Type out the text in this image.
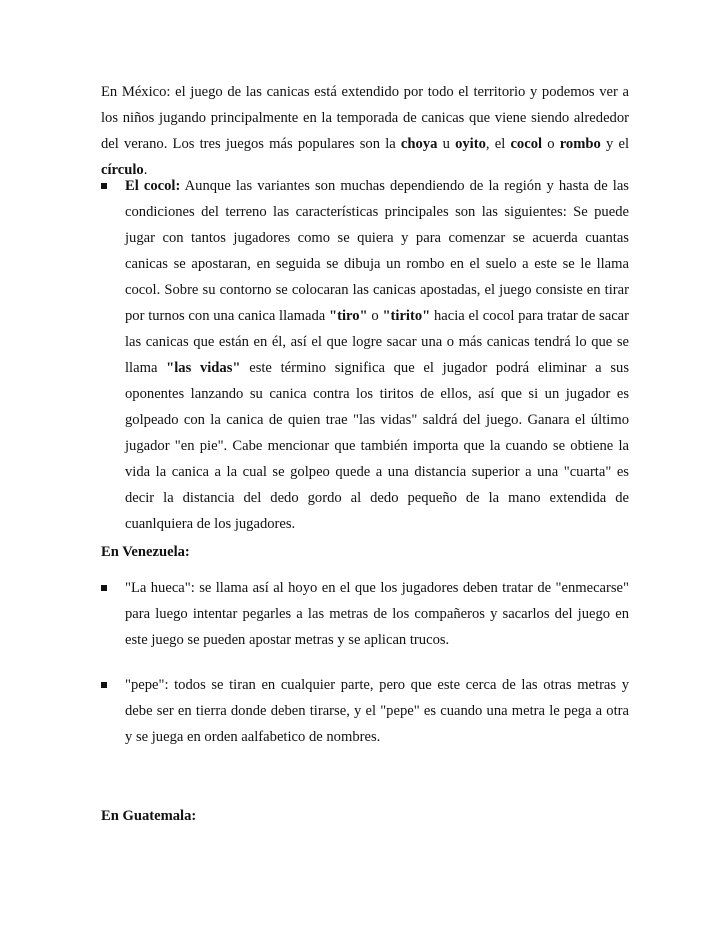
En México: el juego de las canicas está extendido por todo el territorio y podemos ver a los niños jugando principalmente en la temporada de canicas que viene siendo alrededor del verano. Los tres juegos más populares son la choya u oyito, el cocol o rombo y el círculo.

El cocol: Aunque las variantes son muchas dependiendo de la región y hasta de las condiciones del terreno las características principales son las siguientes: Se puede jugar con tantos jugadores como se quiera y para comenzar se acuerda cuantas canicas se apostaran, en seguida se dibuja un rombo en el suelo a este se le llama cocol. Sobre su contorno se colocaran las canicas apostadas, el juego consiste en tirar por turnos con una canica llamada "tiro" o "tirito" hacia el cocol para tratar de sacar las canicas que están en él, así el que logre sacar una o más canicas tendrá lo que se llama "las vidas" este término significa que el jugador podrá eliminar a sus oponentes lanzando su canica contra los tiritos de ellos, así que si un jugador es golpeado con la canica de quien trae "las vidas" saldrá del juego. Ganara el último jugador "en pie". Cabe mencionar que también importa que la cuando se obtiene la vida la canica a la cual se golpeo quede a una distancia superior a una "cuarta" es decir la distancia del dedo gordo al dedo pequeño de la mano extendida de cuanlquiera de los jugadores.

En Venezuela:

"La hueca": se llama así al hoyo en el que los jugadores deben tratar de "enmecarse" para luego intentar pegarles a las metras de los compañeros y sacarlos del juego en este juego se pueden apostar metras y se aplican trucos.

"pepe": todos se tiran en cualquier parte, pero que este cerca de las otras metras y debe ser en tierra donde deben tirarse, y el "pepe" es cuando una metra le pega a otra y se juega en orden aalfabetico de nombres.

En Guatemala:
